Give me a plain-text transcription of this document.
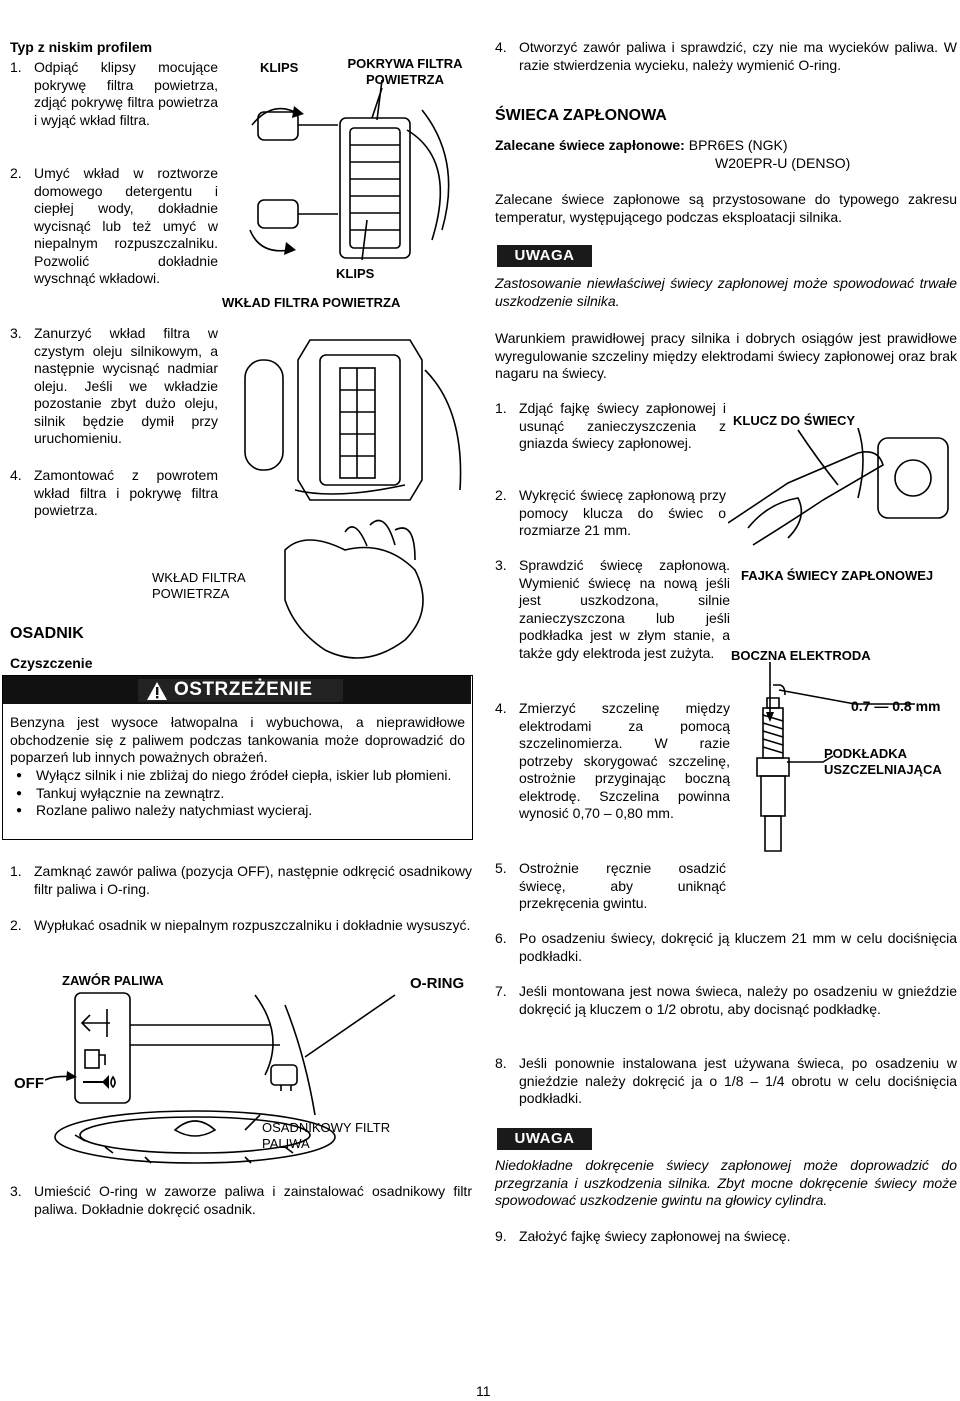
Typ z niskim profilem
1. Odpiąć klipsy mocujące pokrywę filtra powietrza, zdjąć pokrywę filtra powietrza i wyjąć wkład filtra.
2. Umyć wkład w roztworze domowego detergentu i ciepłej wody, dokładnie wycisnąć lub też umyć w niepalnym rozpuszczalniku. Pozwolić dokładnie wyschnąć wkładowi.
3. Zanurzyć wkład filtra w czystym oleju silnikowym, a następnie wycisnąć nadmiar oleju. Jeśli we wkładzie pozostanie zbyt dużo oleju, silnik będzie dymił przy uruchomieniu.
4. Zamontować z powrotem wkład filtra i pokrywę filtra powietrza.
KLIPS	POKRYWA FILTRA POWIETRZA
KLIPS
WKŁAD FILTRA POWIETRZA
WKŁAD FILTRA POWIETRZA
OSADNIK
Czyszczenie
OSTRZEŻENIE
Benzyna jest wysoce łatwopalna i wybuchowa, a nieprawidłowe obchodzenie się z paliwem podczas tankowania może doprowadzić do poparzeń lub innych poważnych obrażeń.
● Wyłącz silnik i nie zbliżaj do niego źródeł ciepła, iskier lub płomieni.
● Tankuj wyłącznie na zewnątrz.
● Rozlane paliwo należy natychmiast wycieraj.
1. Zamknąć zawór paliwa (pozycja OFF), następnie odkręcić osadnikowy filtr paliwa i O-ring.
2. Wypłukać osadnik w niepalnym rozpuszczalniku i dokładnie wysuszyć.
ZAWÓR PALIWA	O-RING
OFF
OSADNIKOWY FILTR PALIWA
3. Umieścić O-ring w zaworze paliwa i zainstalować osadnikowy filtr paliwa. Dokładnie dokręcić osadnik.
4. Otworzyć zawór paliwa i sprawdzić, czy nie ma wycieków paliwa. W razie stwierdzenia wycieku, należy wymienić O-ring.
ŚWIECA ZAPŁONOWA
Zalecane świece zapłonowe: BPR6ES (NGK)
W20EPR-U (DENSO)
Zalecane świece zapłonowe są przystosowane do typowego zakresu temperatur, występującego podczas eksploatacji silnika.
UWAGA
Zastosowanie niewłaściwej świecy zapłonowej może spowodować trwałe uszkodzenie silnika.
Warunkiem prawidłowej pracy silnika i dobrych osiągów jest prawidłowe wyregulowanie szczeliny między elektrodami świecy zapłonowej oraz brak nagaru na świecy.
1. Zdjąć fajkę świecy zapłonowej i usunąć zanieczyszczenia z gniazda świecy zapłonowej.
2. Wykręcić świecę zapłonową przy pomocy klucza do świec o rozmiarze 21 mm.
KLUCZ DO ŚWIECY
3. Sprawdzić świecę zapłonową. Wymienić świecę na nową jeśli jest uszkodzona, silnie zanieczyszczona lub jeśli podkładka jest w złym stanie, a także gdy elektroda jest zużyta.
4. Zmierzyć szczelinę między elektrodami za pomocą szczelinomierza. W razie potrzeby skorygować szczelinę, ostrożnie przyginając boczną elektrodę. Szczelina powinna wynosić 0,70 – 0,80 mm.
FAJKA ŚWIECY ZAPŁONOWEJ
BOCZNA ELEKTRODA
0.7 — 0.8 mm
PODKŁADKA USZCZELNIAJĄCA
5. Ostrożnie ręcznie osadzić świecę, aby uniknąć przekręcenia gwintu.
6. Po osadzeniu świecy, dokręcić ją kluczem 21 mm w celu dociśnięcia podkładki.
7. Jeśli montowana jest nowa świeca, należy po osadzeniu w gnieździe dokręcić ją kluczem o 1/2 obrotu, aby docisnąć podkładkę.
8. Jeśli ponownie instalowana jest używana świeca, po osadzeniu w gnieździe należy dokręcić ja o 1/8 – 1/4 obrotu w celu dociśnięcia podkładki.
UWAGA
Niedokładne dokręcenie świecy zapłonowej może doprowadzić do przegrzania i uszkodzenia silnika. Zbyt mocne dokręcenie świecy może spowodować uszkodzenie gwintu na głowicy cylindra.
9. Założyć fajkę świecy zapłonowej na świecę.
11
